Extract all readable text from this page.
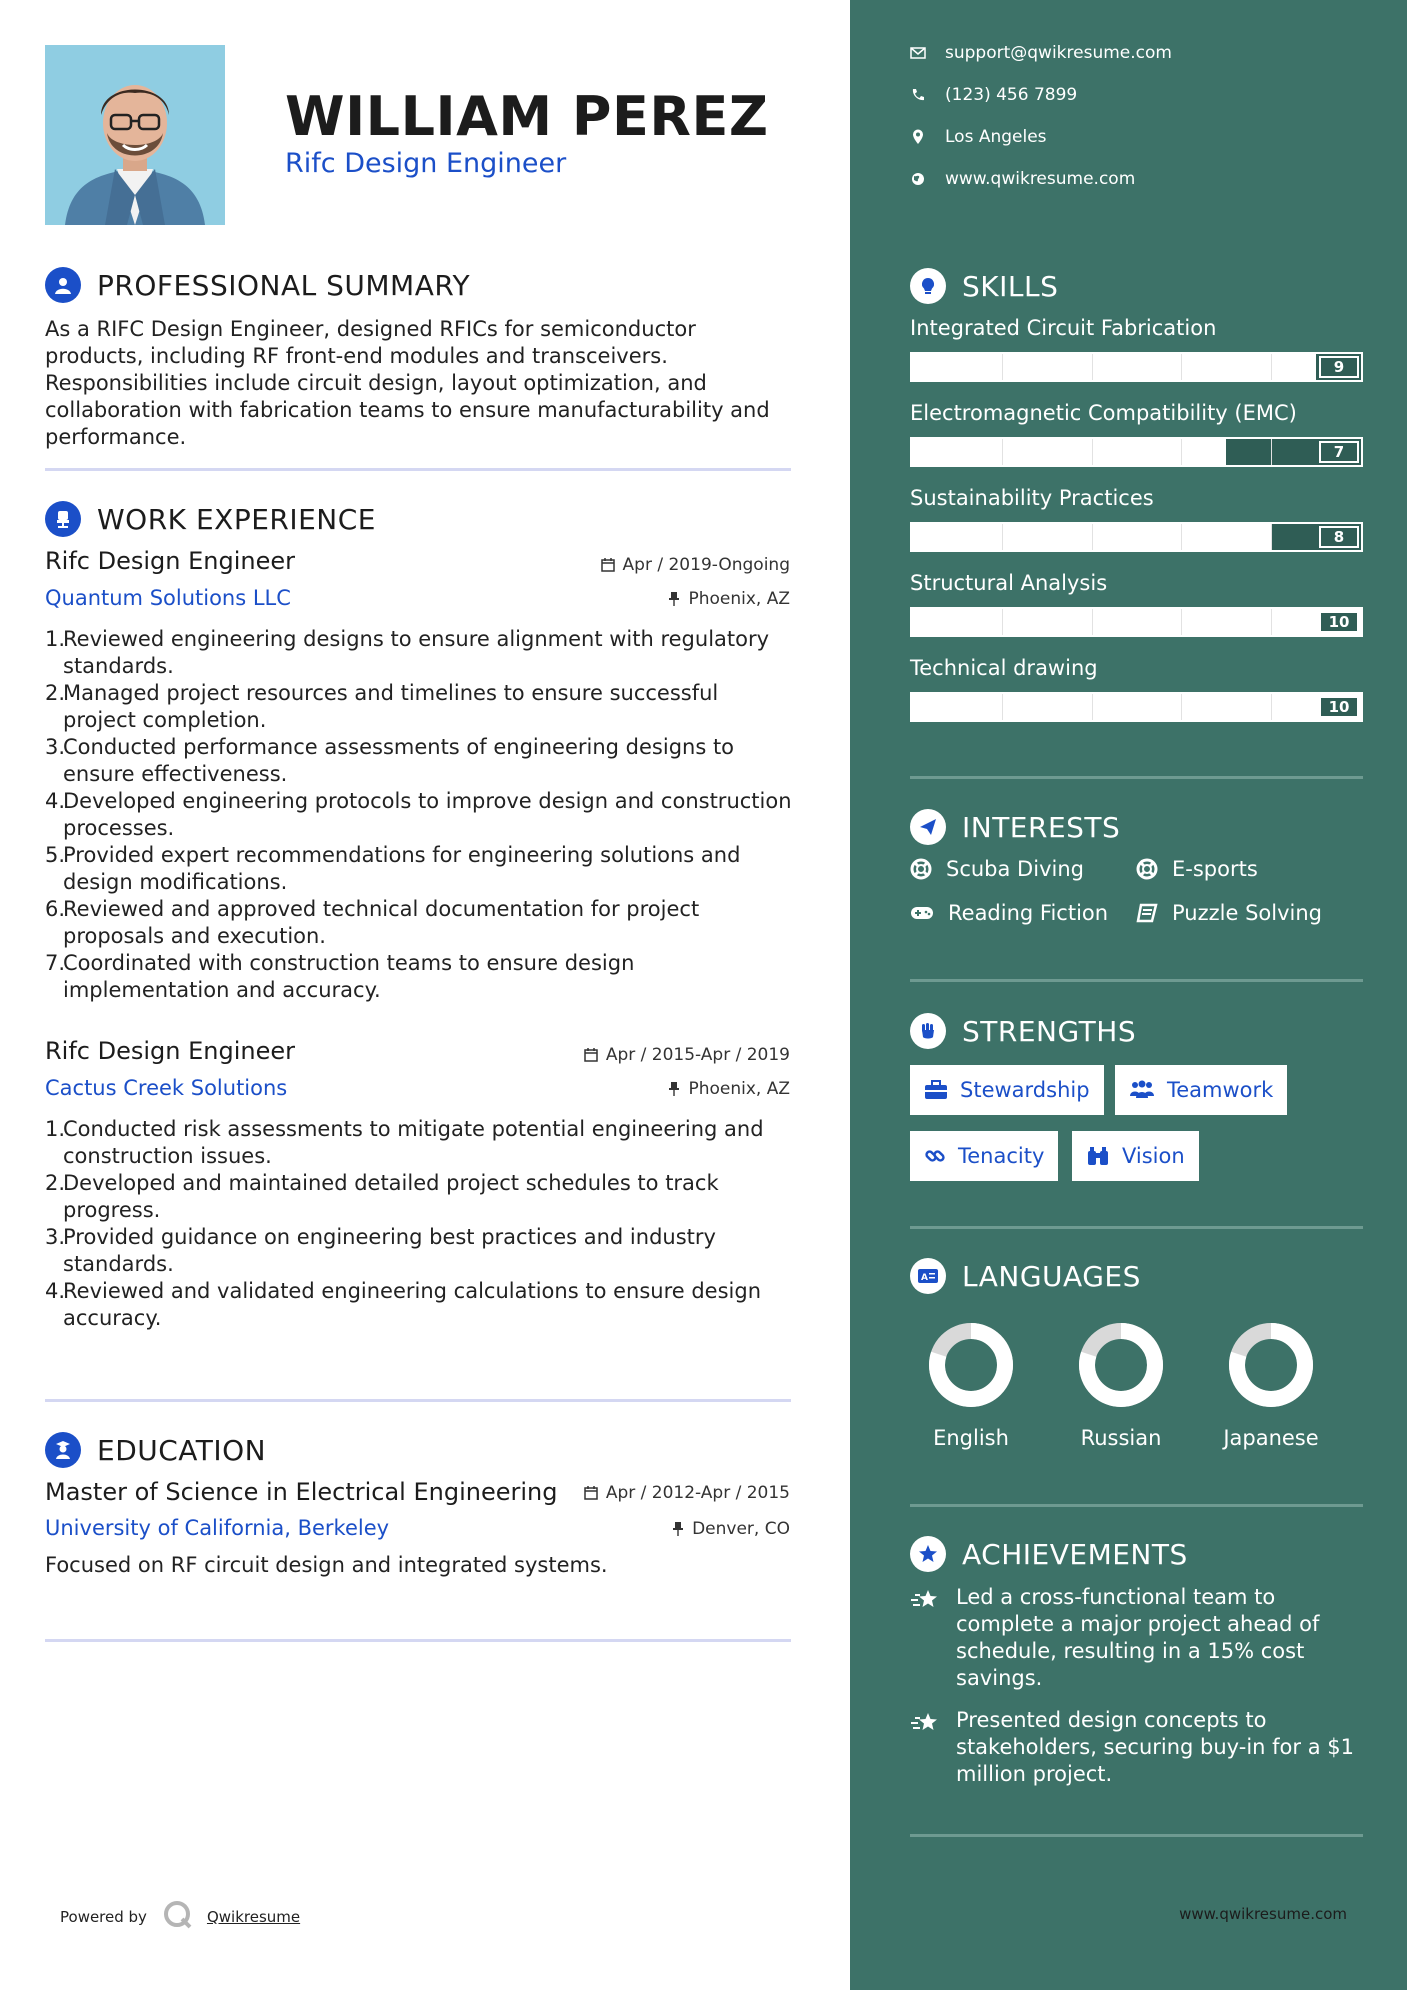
WILLIAM PEREZ
Rifc Design Engineer
PROFESSIONAL SUMMARY
As a RIFC Design Engineer, designed RFICs for semiconductor products, including RF front-end modules and transceivers. Responsibilities include circuit design, layout optimization, and collaboration with fabrication teams to ensure manufacturability and performance.
WORK EXPERIENCE
Rifc Design Engineer	Apr / 2019-Ongoing
Quantum Solutions LLC	Phoenix, AZ
1.
Reviewed engineering designs to ensure alignment with regulatory standards.
2.
Managed project resources and timelines to ensure successful project completion.
3.
Conducted performance assessments of engineering designs to ensure effectiveness.
4.
Developed engineering protocols to improve design and construction processes.
5.
Provided expert recommendations for engineering solutions and design modifications.
6.
Reviewed and approved technical documentation for project proposals and execution.
7.
Coordinated with construction teams to ensure design implementation and accuracy.
Rifc Design Engineer	Apr / 2015-Apr / 2019
Cactus Creek Solutions	Phoenix, AZ
1.
Conducted risk assessments to mitigate potential engineering and construction issues.
2.
Developed and maintained detailed project schedules to track progress.
3.
Provided guidance on engineering best practices and industry standards.
4.
Reviewed and validated engineering calculations to ensure design accuracy.
EDUCATION
Master of Science in Electrical Engineering	Apr / 2012-Apr / 2015
University of California, Berkeley	Denver, CO
Focused on RF circuit design and integrated systems.
Powered by	Qwikresume
support@qwikresume.com
(123) 456 7899
Los Angeles
www.qwikresume.com
SKILLS
Integrated Circuit Fabrication
9
Electromagnetic Compatibility (EMC)
7
Sustainability Practices
8
Structural Analysis
10
Technical drawing
10
INTERESTS
Scuba Diving	E-sports
Reading Fiction	Puzzle Solving
STRENGTHS
Stewardship	Teamwork
Tenacity	Vision
A LANGUAGES
English	Russian	Japanese
ACHIEVEMENTS
Led a cross-functional team to complete a major project ahead of schedule, resulting in a 15% cost savings.
Presented design concepts to stakeholders, securing buy-in for a $1 million project.
www.qwikresume.com
